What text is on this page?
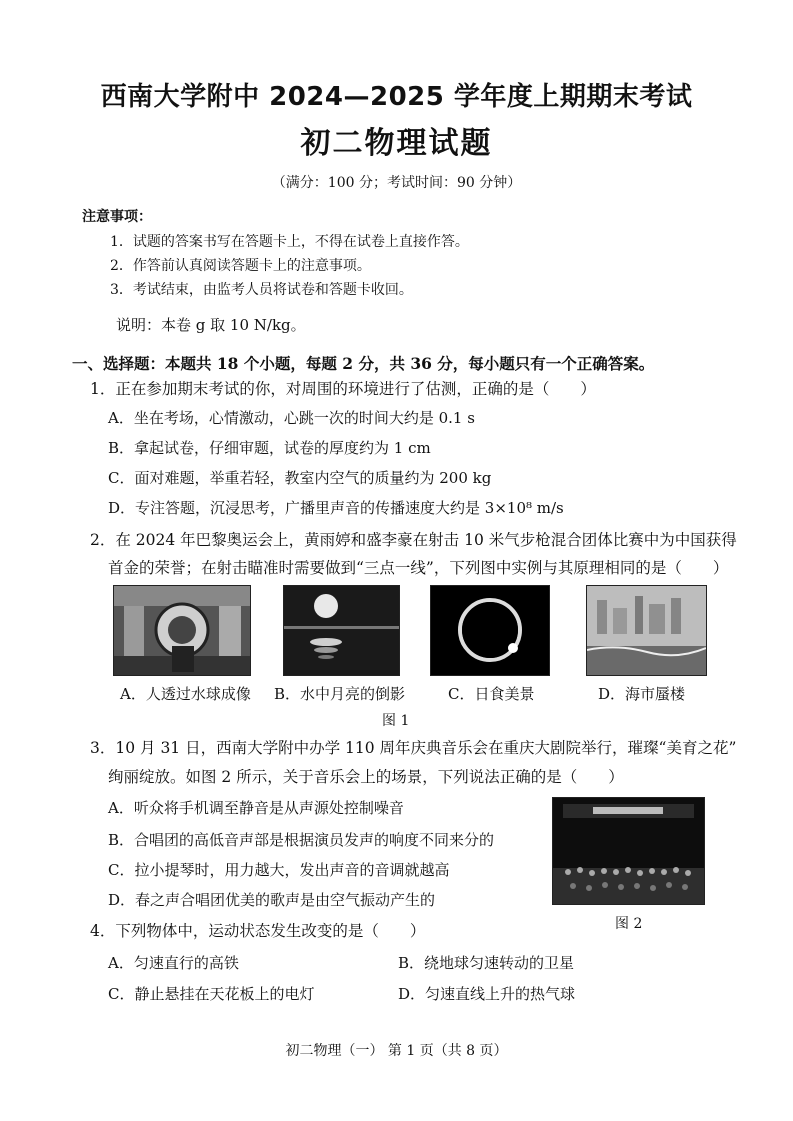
西南大学附中 2024—2025 学年度上期期末考试
初二物理试题
（满分：100 分；考试时间：90 分钟）
注意事项：
1．试题的答案书写在答题卡上，不得在试卷上直接作答。
2．作答前认真阅读答题卡上的注意事项。
3．考试结束，由监考人员将试卷和答题卡收回。
说明：本卷 g 取 10 N/kg。
一、选择题：本题共 18 个小题，每题 2 分，共 36 分，每小题只有一个正确答案。
1．正在参加期末考试的你，对周围的环境进行了估测，正确的是（　　）
A．坐在考场，心情激动，心跳一次的时间大约是 0.1 s
B．拿起试卷，仔细审题，试卷的厚度约为 1 cm
C．面对难题，举重若轻，教室内空气的质量约为 200 kg
D．专注答题，沉浸思考，广播里声音的传播速度大约是 3×10⁸ m/s
2．在 2024 年巴黎奥运会上，黄雨婷和盛李豪在射击 10 米气步枪混合团体比赛中为中国获得
首金的荣誉；在射击瞄准时需要做到“三点一线”，下列图中实例与其原理相同的是（　　）
A．人透过水球成像 B．水中月亮的倒影	C．日食美景	D．海市蜃楼
图 1
3．10 月 31 日，西南大学附中办学 110 周年庆典音乐会在重庆大剧院举行，璀璨“美育之花”
绚丽绽放。如图 2 所示，关于音乐会上的场景，下列说法正确的是（　　）
A．听众将手机调至静音是从声源处控制噪音
B．合唱团的高低音声部是根据演员发声的响度不同来分的
C．拉小提琴时，用力越大，发出声音的音调就越高
D．春之声合唱团优美的歌声是由空气振动产生的
图 2
4．下列物体中，运动状态发生改变的是（　　）
A．匀速直行的高铁	B．绕地球匀速转动的卫星
C．静止悬挂在天花板上的电灯	D．匀速直线上升的热气球
初二物理（一） 第 1 页（共 8 页）
